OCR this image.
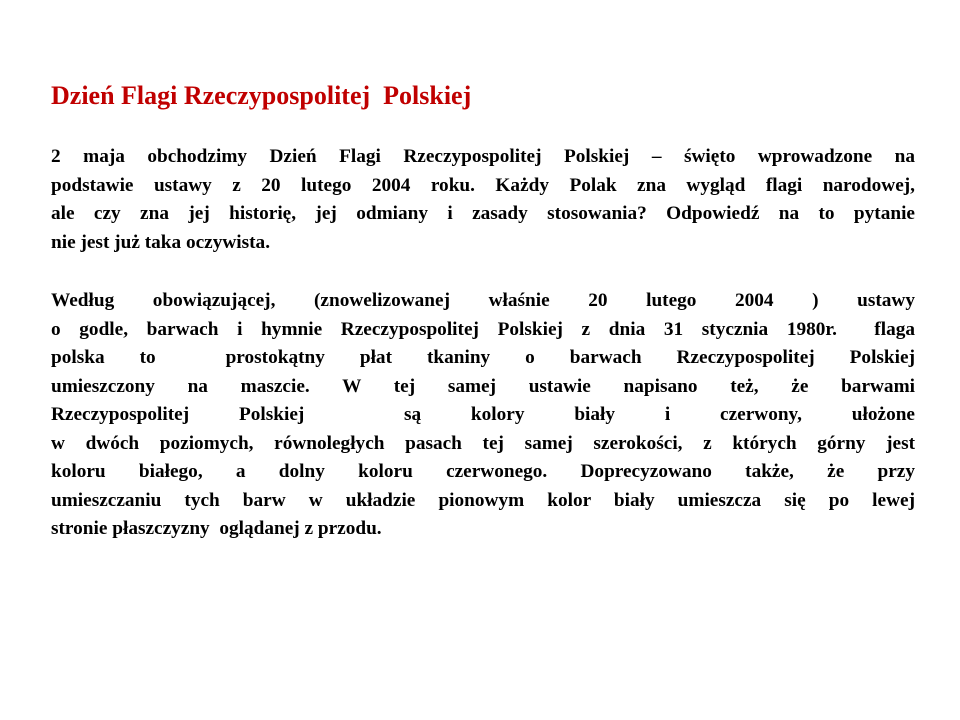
Dzień Flagi Rzeczypospolitej  Polskiej
2 maja obchodzimy Dzień Flagi Rzeczypospolitej Polskiej – święto wprowadzone na
podstawie ustawy z 20 lutego 2004 roku. Każdy Polak zna wygląd flagi narodowej,
ale czy zna jej historię, jej odmiany i zasady stosowania? Odpowiedź na to pytanie
nie jest już taka oczywista.
Według obowiązującej, (znowelizowanej właśnie 20 lutego 2004 ) ustawy
o godle, barwach i hymnie Rzeczypospolitej Polskiej z dnia 31 stycznia 1980r.  flaga
polska to  prostokątny płat tkaniny o barwach Rzeczypospolitej Polskiej
umieszczony na maszcie. W tej samej ustawie napisano też, że barwami
Rzeczypospolitej Polskiej  są kolory biały i czerwony, ułożone
w dwóch poziomych, równoległych pasach tej samej szerokości, z których górny jest
koloru białego, a dolny koloru czerwonego. Doprecyzowano także, że przy
umieszczaniu tych barw w układzie pionowym kolor biały umieszcza się po lewej
stronie płaszczyzny  oglądanej z przodu.
